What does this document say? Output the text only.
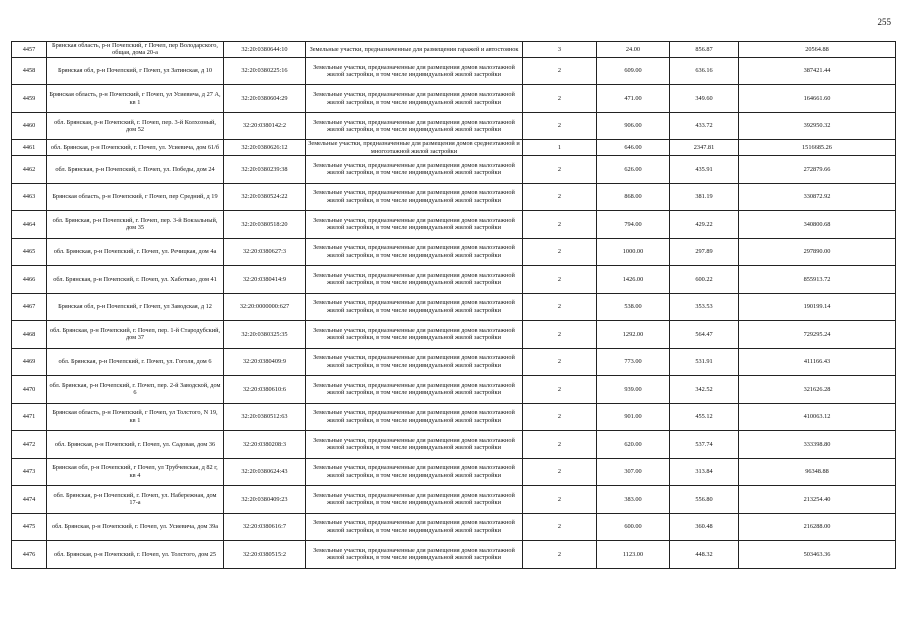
255
4457	Брянская область, р-н Почепский, г Почеп, пер Володарского, общая, дома 20-а	32:20:0380644:10	Земельные участки, предназначенные для размещения гаражей и автостоянок	3	24.00	856.87	20564.88
4458	Брянская обл, р-н Почепский, г Почеп, ул Затинская, д 10	32:20:0380225:16	Земельные участки, предназначенные для размещения домов малоэтажной жилой застройки, в том числе индивидуальной жилой застройки	2	609.00	636.16	387421.44
4459	Брянская область, р-н Почепский, г Почеп, ул Усиевича, д 27 А, кв 1	32:20:0380604:29	Земельные участки, предназначенные для размещения домов малоэтажной жилой застройки, в том числе индивидуальной жилой застройки	2	471.00	349.60	164661.60
4460	обл. Брянская, р-н Почепский, г. Почеп, пер. 3-й Колхозный, дом 52	32:20:0380142:2	Земельные участки, предназначенные для размещения домов малоэтажной жилой застройки, в том числе индивидуальной жилой застройки	2	906.00	433.72	392950.32
4461	обл. Брянская, р-н Почепский, г. Почеп, ул. Усиевича, дом 61/б	32:20:0380626:12	Земельные участки, предназначенные для размещения домов среднеэтажной и многоэтажной жилой застройки	1	646.00	2347.81	1516685.26
4462	обл. Брянская, р-н Почепский, г. Почеп, ул. Победы, дом 24	32:20:0380239:38	Земельные участки, предназначенные для размещения домов малоэтажной жилой застройки, в том числе индивидуальной жилой застройки	2	626.00	435.91	272879.66
4463	Брянская область, р-н Почепский, г Почеп, пер Средний, д 19	32:20:0380524:22	Земельные участки, предназначенные для размещения домов малоэтажной жилой застройки, в том числе индивидуальной жилой застройки	2	868.00	381.19	330872.92
4464	обл. Брянская, р-н Почепский, г. Почеп, пер. 3-й Вокзальный, дом 35	32:20:0380518:20	Земельные участки, предназначенные для размещения домов малоэтажной жилой застройки, в том числе индивидуальной жилой застройки	2	794.00	429.22	340800.68
4465	обл. Брянская, р-н Почепский, г. Почеп, ул. Речицкая, дом 4а	32:20:0380627:3	Земельные участки, предназначенные для размещения домов малоэтажной жилой застройки, в том числе индивидуальной жилой застройки	2	1000.00	297.89	297890.00
4466	обл. Брянская, р-н Почепский, г. Почеп, ул. Хаботкао, дом 41	32:20:0380414:9	Земельные участки, предназначенные для размещения домов малоэтажной жилой застройки, в том числе индивидуальной жилой застройки	2	1426.00	600.22	855913.72
4467	Брянская обл, р-н Почепский, г Почеп, ул Заводская, д 12	32:20:0000000:627	Земельные участки, предназначенные для размещения домов малоэтажной жилой застройки, в том числе индивидуальной жилой застройки	2	538.00	353.53	190199.14
4468	обл. Брянская, р-н Почепский, г. Почеп, пер. 1-й Стародубский, дом 37	32:20:0380325:35	Земельные участки, предназначенные для размещения домов малоэтажной жилой застройки, в том числе индивидуальной жилой застройки	2	1292.00	564.47	729295.24
4469	обл. Брянская, р-н Почепский, г. Почеп, ул. Гоголя, дом 6	32:20:0380409:9	Земельные участки, предназначенные для размещения домов малоэтажной жилой застройки, в том числе индивидуальной жилой застройки	2	773.00	531.91	411166.43
4470	обл. Брянская, р-н Почепский, г. Почеп, пер. 2-й Заводской, дом 6	32:20:0380610:6	Земельные участки, предназначенные для размещения домов малоэтажной жилой застройки, в том числе индивидуальной жилой застройки	2	939.00	342.52	321626.28
4471	Брянская область, р-н Почепский, г Почеп, ул Толстого, N 19, кв 1	32:20:0380512:63	Земельные участки, предназначенные для размещения домов малоэтажной жилой застройки, в том числе индивидуальной жилой застройки	2	901.00	455.12	410063.12
4472	обл. Брянская, р-н Почепский, г. Почеп, ул. Садовая, дом 36	32:20:0380208:3	Земельные участки, предназначенные для размещения домов малоэтажной жилой застройки, в том числе индивидуальной жилой застройки	2	620.00	537.74	333398.80
4473	Брянская обл, р-н Почепский, г Почеп, ул Трубчевская, д 82 г, кв 4	32:20:0380624:43	Земельные участки, предназначенные для размещения домов малоэтажной жилой застройки, в том числе индивидуальной жилой застройки	2	307.00	313.84	96348.88
4474	обл. Брянская, р-н Почепский, г. Почеп, ул. Набережная, дом 17-а	32:20:0380409:23	Земельные участки, предназначенные для размещения домов малоэтажной жилой застройки, в том числе индивидуальной жилой застройки	2	383.00	556.80	213254.40
4475	обл. Брянская, р-н Почепский, г. Почеп, ул. Усиевича, дом 39а	32:20:0380616:7	Земельные участки, предназначенные для размещения домов малоэтажной жилой застройки, в том числе индивидуальной жилой застройки	2	600.00	360.48	216288.00
4476	обл. Брянская, р-н Почепский, г. Почеп, ул. Толстого, дом 25	32:20:0380515:2	Земельные участки, предназначенные для размещения домов малоэтажной жилой застройки, в том числе индивидуальной жилой застройки	2	1123.00	448.32	503463.36
